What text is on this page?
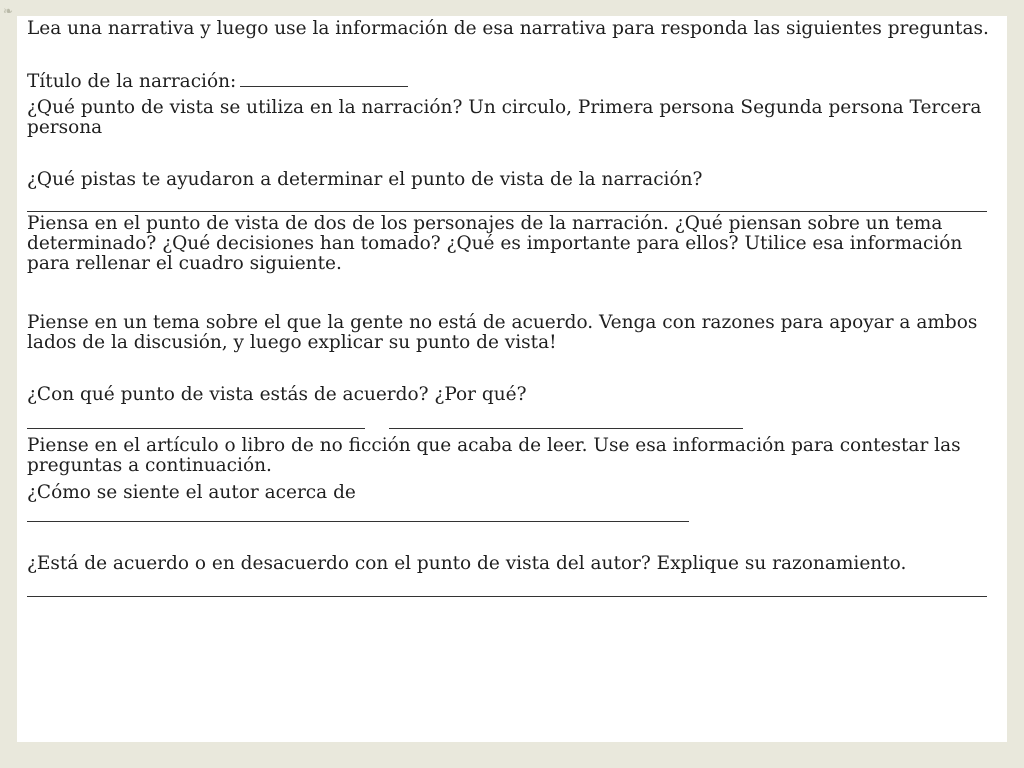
❧

Lea una narrativa y luego use la información de esa narrativa para responda las siguientes preguntas.

Título de la narración:

¿Qué punto de vista se utiliza en la narración? Un circulo, Primera persona Segunda persona Tercera persona

¿Qué pistas te ayudaron a determinar el punto de vista de la narración?

Piensa en el punto de vista de dos de los personajes de la narración. ¿Qué piensan sobre un tema determinado? ¿Qué decisiones han tomado? ¿Qué es importante para ellos? Utilice esa información para rellenar el cuadro siguiente.

Piense en un tema sobre el que la gente no está de acuerdo. Venga con razones para apoyar a ambos lados de la discusión, y luego explicar su punto de vista!

¿Con qué punto de vista estás de acuerdo? ¿Por qué?

Piense en el artículo o libro de no ficción que acaba de leer. Use esa información para contestar las preguntas a continuación.

¿Cómo se siente el autor acerca de

¿Está de acuerdo o en desacuerdo con el punto de vista del autor? Explique su razonamiento.
